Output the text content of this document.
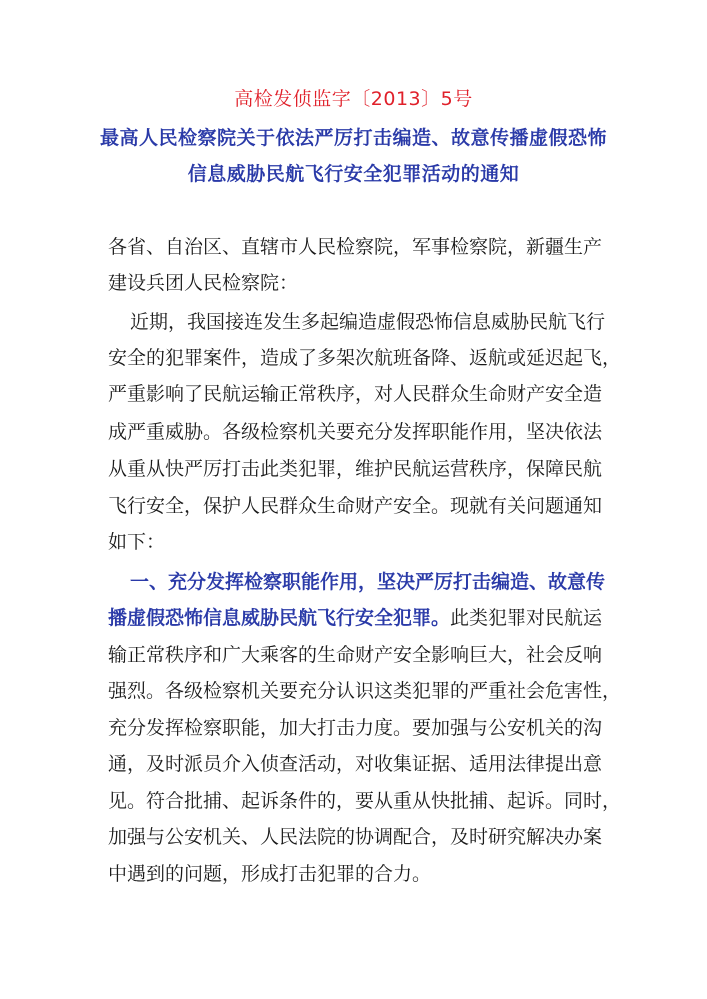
高检发侦监字〔2013〕5号
最高人民检察院关于依法严厉打击编造、故意传播虚假恐怖
信息威胁民航飞行安全犯罪活动的通知
各省、自治区、直辖市人民检察院，军事检察院，新疆生产
建设兵团人民检察院：
近期，我国接连发生多起编造虚假恐怖信息威胁民航飞行
安全的犯罪案件，造成了多架次航班备降、返航或延迟起飞，
严重影响了民航运输正常秩序，对人民群众生命财产安全造
成严重威胁。各级检察机关要充分发挥职能作用，坚决依法
从重从快严厉打击此类犯罪，维护民航运营秩序，保障民航
飞行安全，保护人民群众生命财产安全。现就有关问题通知
如下：
一、充分发挥检察职能作用，坚决严厉打击编造、故意传
播虚假恐怖信息威胁民航飞行安全犯罪。此类犯罪对民航运
输正常秩序和广大乘客的生命财产安全影响巨大，社会反响
强烈。各级检察机关要充分认识这类犯罪的严重社会危害性，
充分发挥检察职能，加大打击力度。要加强与公安机关的沟
通，及时派员介入侦查活动，对收集证据、适用法律提出意
见。符合批捕、起诉条件的，要从重从快批捕、起诉。同时，
加强与公安机关、人民法院的协调配合，及时研究解决办案
中遇到的问题，形成打击犯罪的合力。
